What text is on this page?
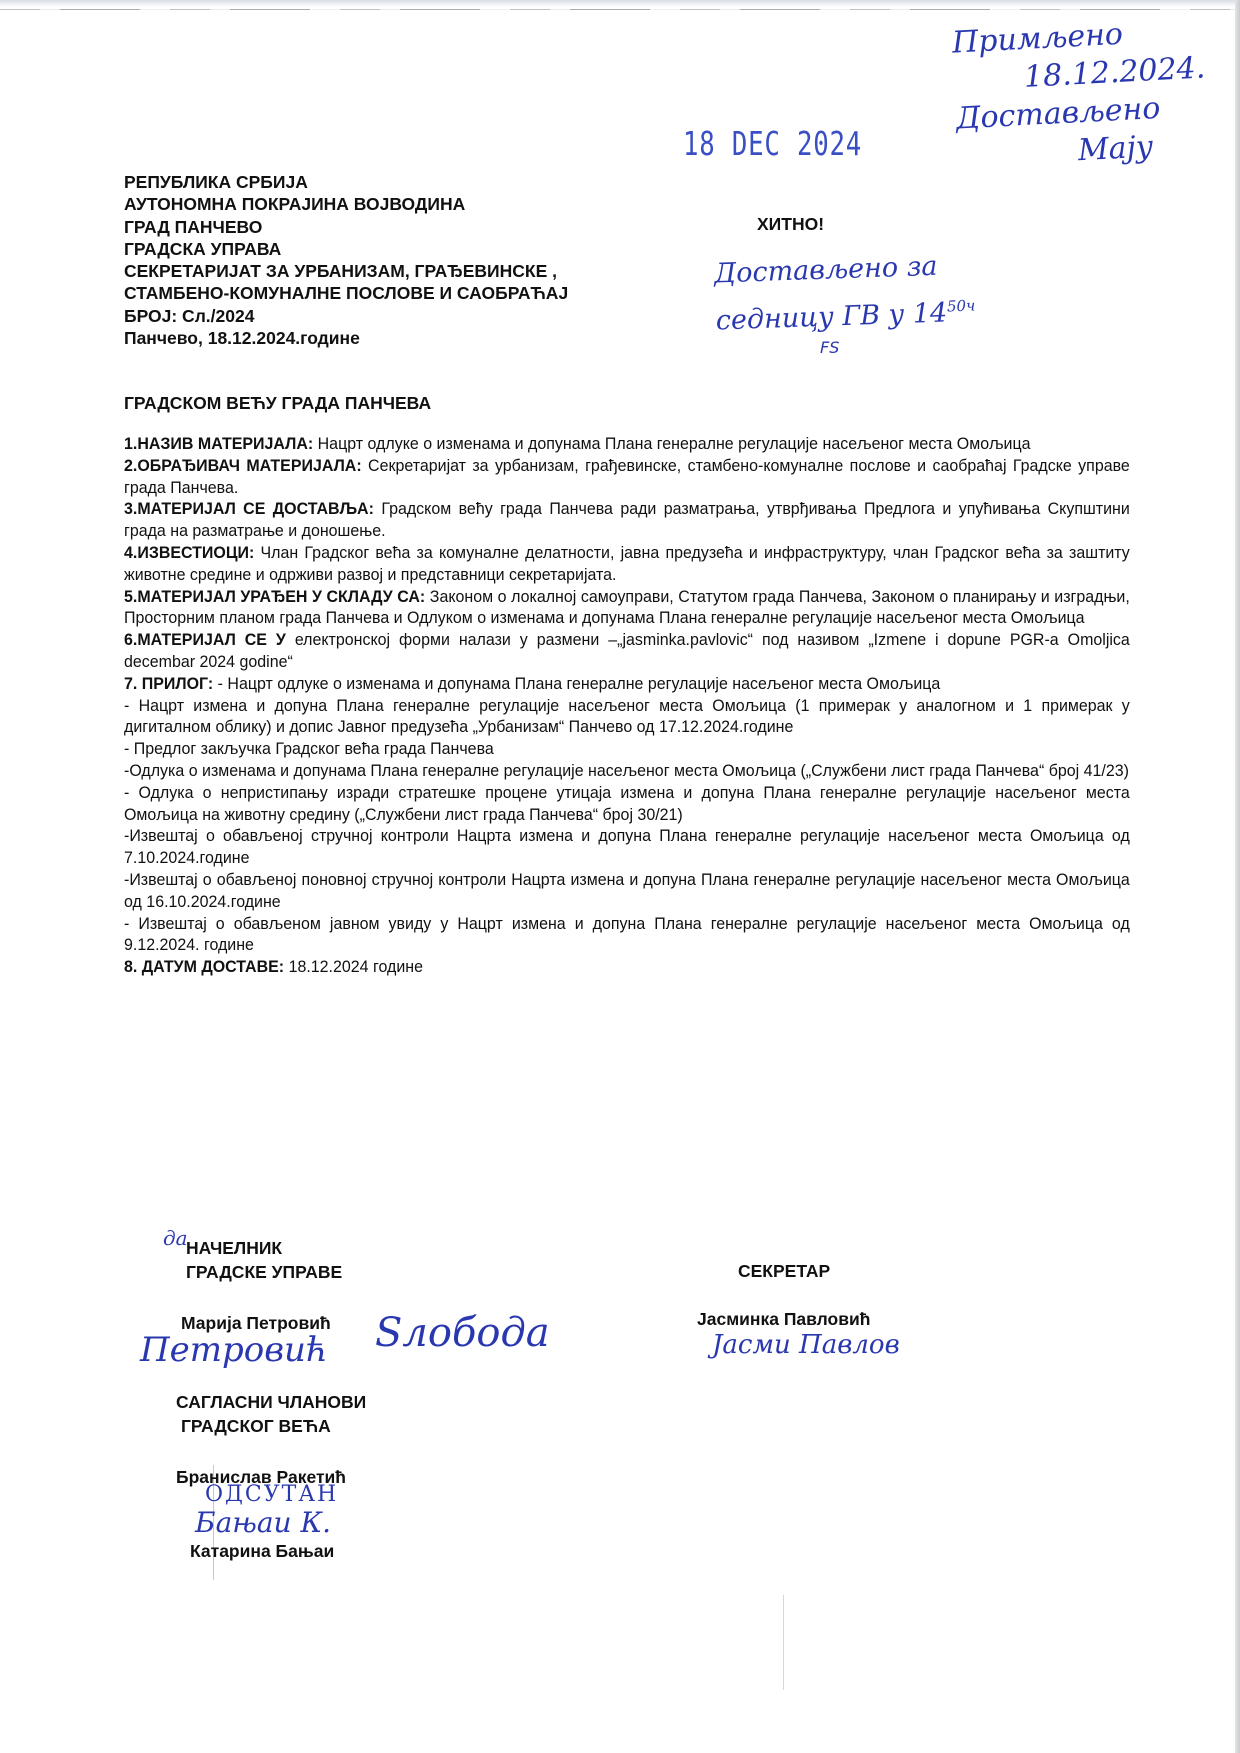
РЕПУБЛИКА СРБИЈА
АУТОНОМНА ПОКРАЈИНА ВОЈВОДИНА
ГРАД ПАНЧЕВО
ГРАДСКА УПРАВА
СЕКРЕТАРИЈАТ ЗА УРБАНИЗАМ, ГРАЂЕВИНСКЕ ,
СТАМБЕНО-КОМУНАЛНЕ ПОСЛОВЕ И САОБРАЋАЈ
БРОЈ: Сл./2024
Панчево, 18.12.2024.године
18 DEC 2024
ХИТНО!
Примљено
18.12.2024.
Достављено
Мају
Достављено за
седницу ГВ у $14^{50ч}$
FS
ГРАДСКОМ ВЕЋУ ГРАДА ПАНЧЕВА

1.НАЗИВ МАТЕРИЈАЛА: Нацрт одлуке о изменама и допунама Плана генералне регулације насељеног места Омољица

2.ОБРАЂИВАЧ МАТЕРИЈАЛА: Секретаријат за урбанизам, грађевинске, стамбено-комуналне послове и саобраћај Градске управе града Панчева.

3.МАТЕРИЈАЛ СЕ ДОСТАВЉА: Градском већу града Панчева ради разматрања, утврђивања Предлога и упућивања Скупштини града на разматрање и доношење.

4.ИЗВЕСТИОЦИ: Члан Градског већа за комуналне делатности, јавна предузећа и инфраструктуру, члан Градског већа за заштиту животне средине и одрживи развој и представници секретаријата.

5.МАТЕРИЈАЛ УРАЂЕН У СКЛАДУ СА: Законом о локалној самоуправи, Статутом града Панчева, Законом о планирању и изградњи, Просторним планом града Панчева и Одлуком о изменама и допунама Плана генералне регулације насељеног места Омољица

6.МАТЕРИЈАЛ СЕ У електронској форми налази у размени –„jasminka.pavlovic“ под називом „Izmene i dopune PGR-a Omoljica decembar 2024 godine“

7. ПРИЛОГ: - Нацрт одлуке о изменама и допунама Плана генералне регулације насељеног места Омољица

- Нацрт измена и допуна Плана генералне регулације насељеног места Омољица (1 примерак у аналогном и 1 примерак у дигиталном облику) и допис Јавног предузећа „Урбанизам“ Панчево од 17.12.2024.године

- Предлог закључка Градског већа града Панчева

-Одлука о изменама и допунама Плана генералне регулације насељеног места Омољица („Службени лист града Панчева“ број 41/23)

- Одлука о непристипању изради стратешке процене утицаја измена и допуна Плана генералне регулације насељеног места Омољица на животну средину („Службени лист града Панчева“ број 30/21)

-Извештај о обављеној стручној контроли Нацрта измена и допуна Плана генералне регулације насељеног места Омољица од 7.10.2024.године

-Извештај о обављеној поновној стручној контроли Нацрта измена и допуна Плана генералне регулације насељеног места Омољица од 16.10.2024.године

- Извештај о обављеном јавном увиду у Нацрт измена и допуна Плана генералне регулације насељеног места Омољица од 9.12.2024. године

8. ДАТУМ ДОСТАВЕ: 18.12.2024 године

да
НАЧЕЛНИК
ГРАДСКЕ УПРАВЕ
Марија Петровић
Петровић Ѕлобода
САГЛАСНИ ЧЛАНОВИ
ГРАДСКОГ ВЕЋА
Бранислав Ракетић
ОДСУТАН
Бањаи К.
Катарина Бањаи
СЕКРЕТАР
Јасминка Павловић
Јасми Павлов
